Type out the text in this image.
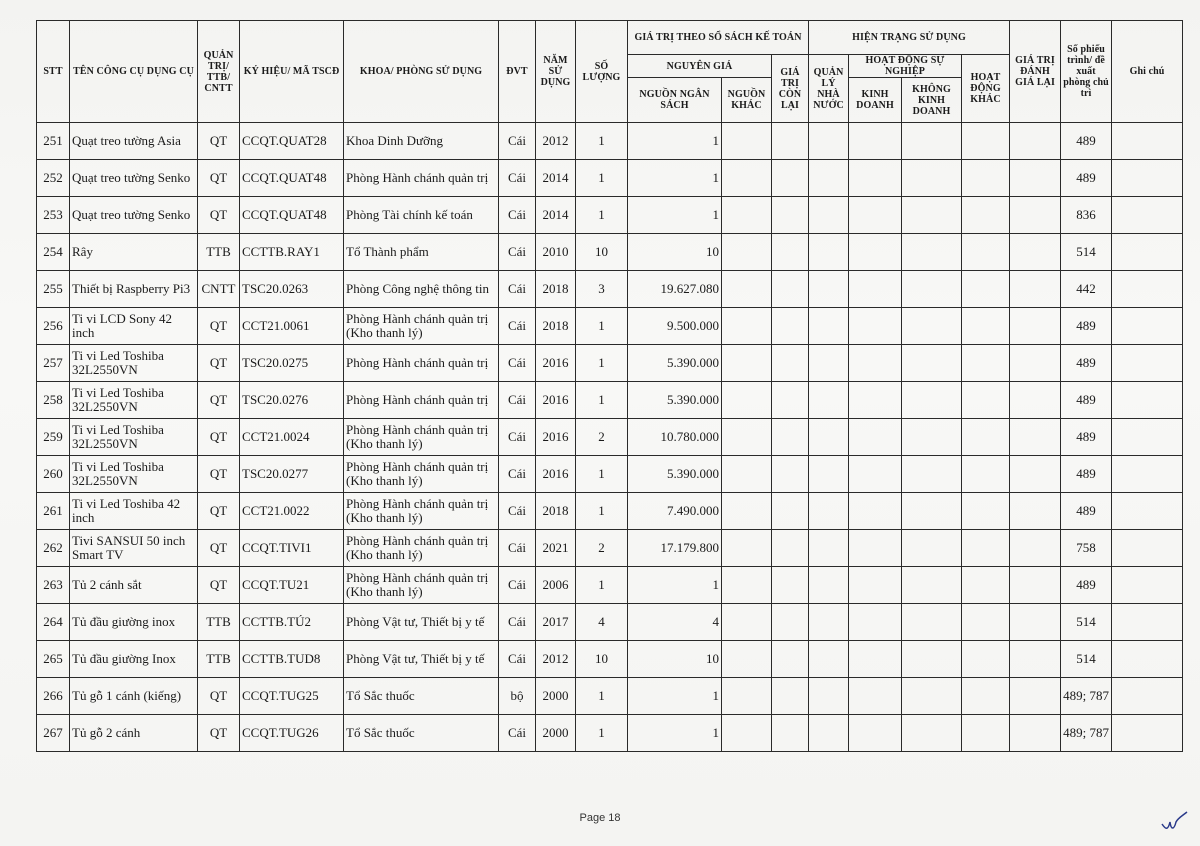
STT	TÊN CÔNG CỤ DỤNG CỤ	QUẢN TRỊ/ TTB/ CNTT	KÝ HIỆU/ MÃ TSCĐ	KHOA/ PHÒNG SỬ DỤNG	ĐVT	NĂM SỬ DỤNG	SỐ LƯỢNG	GIÁ TRỊ THEO SỔ SÁCH KẾ TOÁN			HIỆN TRẠNG SỬ DỤNG				GIÁ TRỊ ĐÁNH GIÁ LẠI	Số phiếu trình/ đề xuất phòng chủ trì	Ghi chú
								NGUYÊN GIÁ		GIÁ TRỊ CÒN LẠI	QUẢN LÝ NHÀ NƯỚC	HOẠT ĐỘNG SỰ NGHIỆP		HOẠT ĐỘNG KHÁC			
								NGUỒN NGÂN SÁCH	NGUỒN KHÁC			KINH DOANH	KHÔNG KINH DOANH				
251	Quạt treo tường Asia	QT	CCQT.QUAT28	Khoa Dinh Dưỡng	Cái	2012	1	1								489	
252	Quạt treo tường Senko	QT	CCQT.QUAT48	Phòng Hành chánh quản trị	Cái	2014	1	1								489	
253	Quạt treo tường Senko	QT	CCQT.QUAT48	Phòng Tài chính kế toán	Cái	2014	1	1								836	
254	Rây	TTB	CCTTB.RAY1	Tổ Thành phẩm	Cái	2010	10	10								514	
255	Thiết bị Raspberry Pi3	CNTT	TSC20.0263	Phòng Công nghệ thông tin	Cái	2018	3	19.627.080								442	
256	Ti vi LCD Sony 42 inch	QT	CCT21.0061	Phòng Hành chánh quản trị (Kho thanh lý)	Cái	2018	1	9.500.000								489	
257	Ti vi Led Toshiba 32L2550VN	QT	TSC20.0275	Phòng Hành chánh quản trị	Cái	2016	1	5.390.000								489	
258	Ti vi Led Toshiba 32L2550VN	QT	TSC20.0276	Phòng Hành chánh quản trị	Cái	2016	1	5.390.000								489	
259	Ti vi Led Toshiba 32L2550VN	QT	CCT21.0024	Phòng Hành chánh quản trị (Kho thanh lý)	Cái	2016	2	10.780.000								489	
260	Ti vi Led Toshiba 32L2550VN	QT	TSC20.0277	Phòng Hành chánh quản trị (Kho thanh lý)	Cái	2016	1	5.390.000								489	
261	Ti vi Led Toshiba 42 inch	QT	CCT21.0022	Phòng Hành chánh quản trị (Kho thanh lý)	Cái	2018	1	7.490.000								489	
262	Tivi SANSUI 50 inch Smart TV	QT	CCQT.TIVI1	Phòng Hành chánh quản trị (Kho thanh lý)	Cái	2021	2	17.179.800								758	
263	Tủ 2 cánh sắt	QT	CCQT.TU21	Phòng Hành chánh quản trị (Kho thanh lý)	Cái	2006	1	1								489	
264	Tủ đầu giường inox	TTB	CCTTB.TÚ2	Phòng Vật tư, Thiết bị y tế	Cái	2017	4	4								514	
265	Tủ đầu giường Inox	TTB	CCTTB.TUD8	Phòng Vật tư, Thiết bị y tế	Cái	2012	10	10								514	
266	Tủ gỗ 1 cánh (kiếng)	QT	CCQT.TUG25	Tổ Sắc thuốc	bộ	2000	1	1								489; 787	
267	Tủ gỗ 2 cánh	QT	CCQT.TUG26	Tổ Sắc thuốc	Cái	2000	1	1								489; 787	
Page 18
